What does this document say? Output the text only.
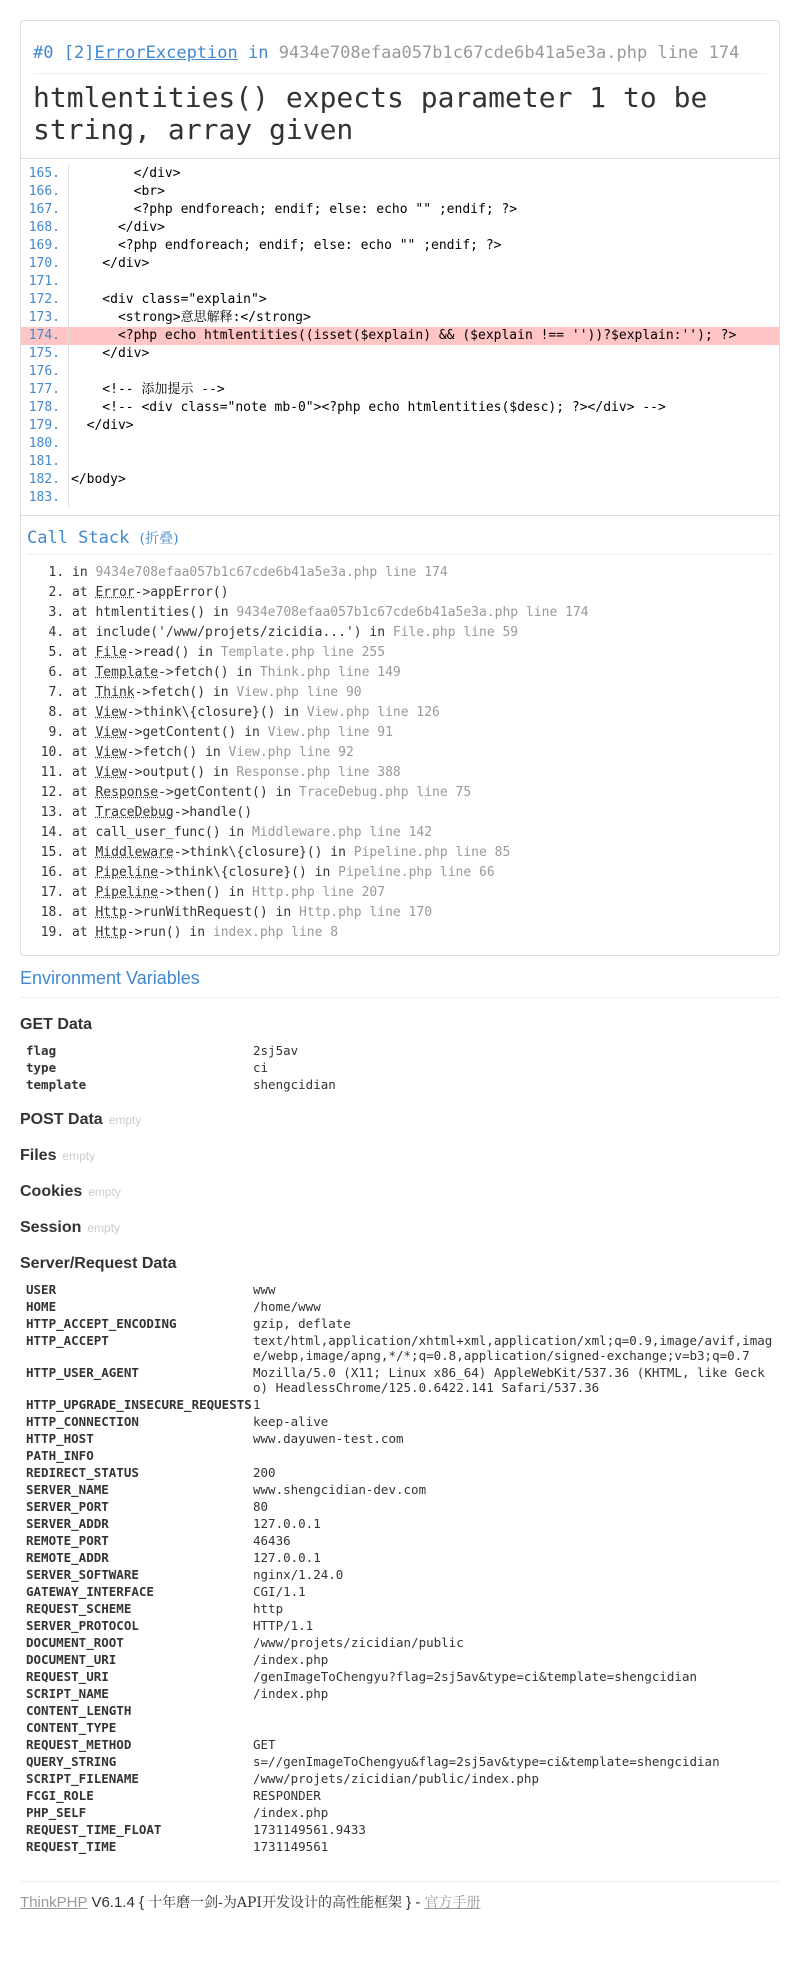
#0 [2]ErrorException in 9434e708efaa057b1c67cde6b41a5e3a.php line 174
htmlentities() expects parameter 1 to be string, array given
165. </div>
166. <br>
167. <?php endforeach; endif; else: echo "" ;endif; ?>
168. </div>
169. <?php endforeach; endif; else: echo "" ;endif; ?>
170. </div>
171.
172. <div class="explain">
173. <strong>意思解释:</strong>
174. <?php echo htmlentities((isset($explain) && ($explain !== ''))?$explain:''); ?>
175. </div>
176.
177. <!-- 添加提示 -->
178. <!-- <div class="note mb-0"><?php echo htmlentities($desc); ?></div> -->
179. </div>
180.
181.
182. </body>
183.
Call Stack (折叠)
1. in 9434e708efaa057b1c67cde6b41a5e3a.php line 174
2. at Error->appError()
3. at htmlentities() in 9434e708efaa057b1c67cde6b41a5e3a.php line 174
4. at include('/www/projets/zicidia...') in File.php line 59
5. at File->read() in Template.php line 255
6. at Template->fetch() in Think.php line 149
7. at Think->fetch() in View.php line 90
8. at View->think\{closure}() in View.php line 126
9. at View->getContent() in View.php line 91
10. at View->fetch() in View.php line 92
11. at View->output() in Response.php line 388
12. at Response->getContent() in TraceDebug.php line 75
13. at TraceDebug->handle()
14. at call_user_func() in Middleware.php line 142
15. at Middleware->think\{closure}() in Pipeline.php line 85
16. at Pipeline->think\{closure}() in Pipeline.php line 66
17. at Pipeline->then() in Http.php line 207
18. at Http->runWithRequest() in Http.php line 170
19. at Http->run() in index.php line 8
Environment Variables
GET Data
flag	2sj5av
type	ci
template	shengcidian
POST Data empty
Files empty
Cookies empty
Session empty
Server/Request Data
USER	www
HOME	/home/www
HTTP_ACCEPT_ENCODING	gzip, deflate
HTTP_ACCEPT	text/html,application/xhtml+xml,application/xml;q=0.9,image/avif,image/webp,image/apng,*/*;q=0.8,application/signed-exchange;v=b3;q=0.7
HTTP_USER_AGENT	Mozilla/5.0 (X11; Linux x86_64) AppleWebKit/537.36 (KHTML, like Gecko) HeadlessChrome/125.0.6422.141 Safari/537.36
HTTP_UPGRADE_INSECURE_REQUESTS	1
HTTP_CONNECTION	keep-alive
HTTP_HOST	www.dayuwen-test.com
PATH_INFO	
REDIRECT_STATUS	200
SERVER_NAME	www.shengcidian-dev.com
SERVER_PORT	80
SERVER_ADDR	127.0.0.1
REMOTE_PORT	46436
REMOTE_ADDR	127.0.0.1
SERVER_SOFTWARE	nginx/1.24.0
GATEWAY_INTERFACE	CGI/1.1
REQUEST_SCHEME	http
SERVER_PROTOCOL	HTTP/1.1
DOCUMENT_ROOT	/www/projets/zicidian/public
DOCUMENT_URI	/index.php
REQUEST_URI	/genImageToChengyu?flag=2sj5av&type=ci&template=shengcidian
SCRIPT_NAME	/index.php
CONTENT_LENGTH	
CONTENT_TYPE	
REQUEST_METHOD	GET
QUERY_STRING	s=//genImageToChengyu&flag=2sj5av&type=ci&template=shengcidian
SCRIPT_FILENAME	/www/projets/zicidian/public/index.php
FCGI_ROLE	RESPONDER
PHP_SELF	/index.php
REQUEST_TIME_FLOAT	1731149561.9433
REQUEST_TIME	1731149561
ThinkPHP V6.1.4 { 十年磨一剑-为API开发设计的高性能框架 } - 官方手册
